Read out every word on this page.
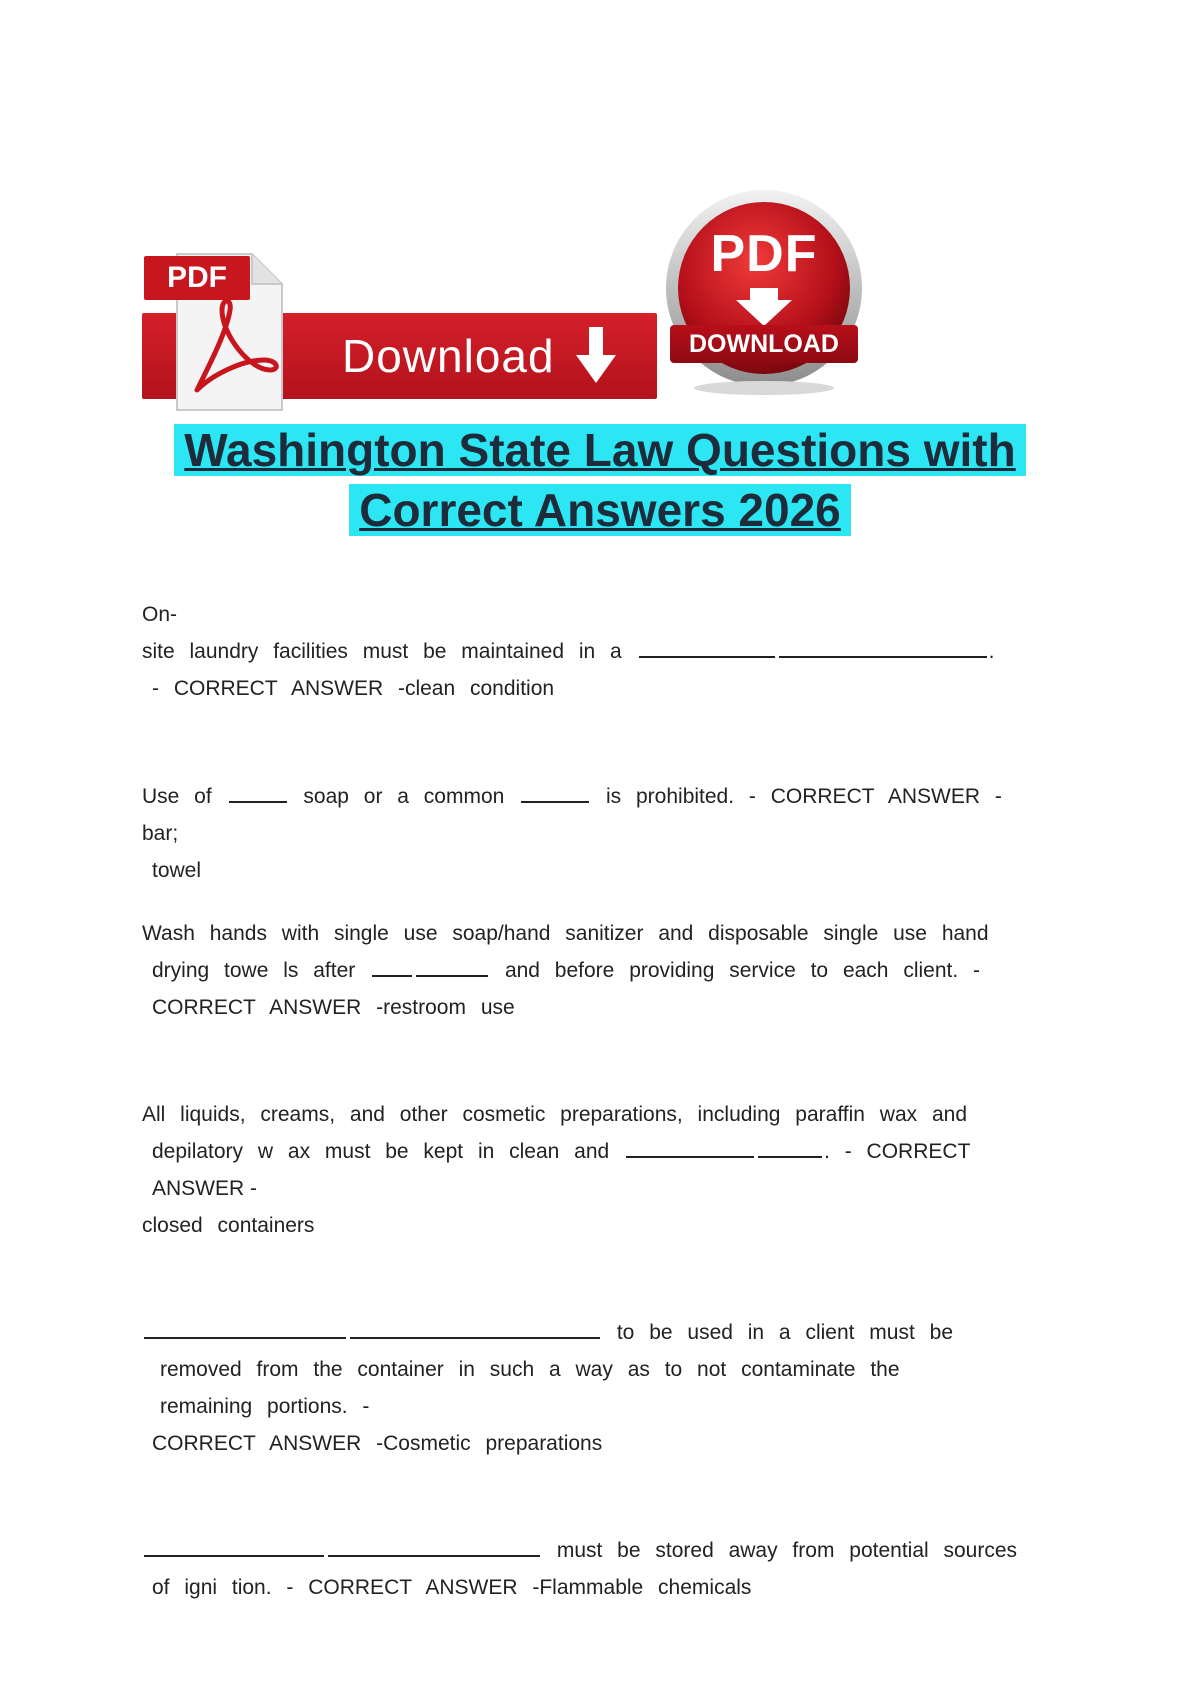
Download
PDF	PDF
DOWNLOAD
Washington State Law Questions with
Correct Answers 2026

On-

site laundry facilities must be maintained in a	.

- CORRECT ANSWER -clean condition

Use of	soap or a common	is prohibited. - CORRECT ANSWER -bar;

towel

Wash hands with single use soap/hand sanitizer and disposable single use hand

drying towe ls after	and before providing service to each client. -

CORRECT ANSWER -restroom use

All liquids, creams, and other cosmetic preparations, including paraffin wax and

depilatory w ax must be kept in clean and	. - CORRECT

ANSWER -

closed containers

to be used in a client must be

removed from the container in such a way as to not contaminate the

remaining portions. -

CORRECT ANSWER -Cosmetic preparations

must be stored away from potential sources

of igni tion. - CORRECT ANSWER -Flammable chemicals
